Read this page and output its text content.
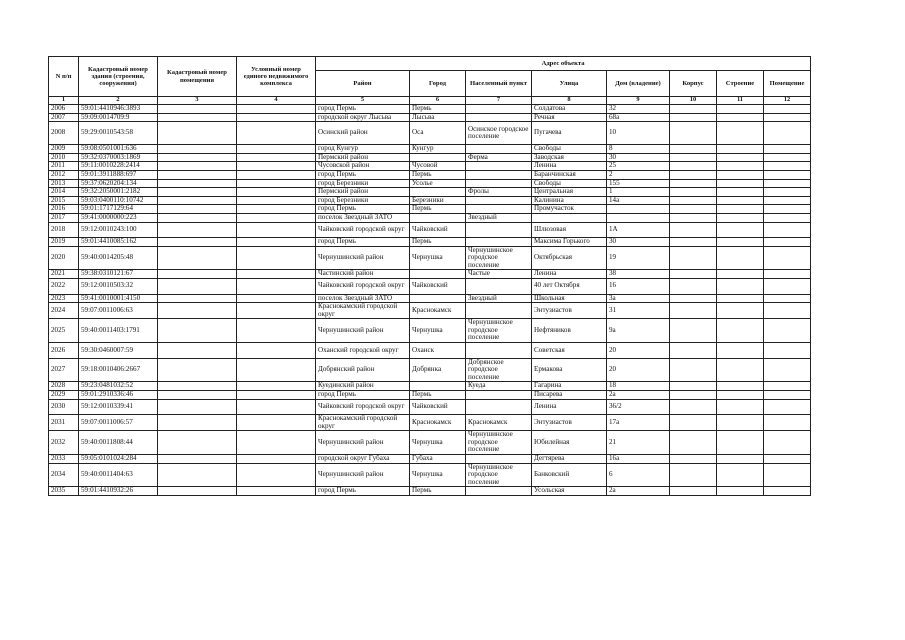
N п/п	Кадастровый номер здания (строения, сооружения)	Кадастровый номер помещения	Условный номер единого недвижимого комплекса	Адрес объекта							
				Район	Город	Населенный пункт	Улица	Дом (владение)	Корпус	Строение	Помещение
1	2	3	4	5	6	7	8	9	10	11	12
2006	59:01:4410946:3893			город Пермь	Пермь		Солдатова	32			
2007	59:09:0014709:9			городской округ Лысьва	Лысьва		Речная	68а			
2008	59:29:0010543:58			Осинский район	Оса	Осинское городское поселение	Пугачева	10			
2009	59:08:0501001:636			город Кунгур	Кунгур		Свободы	8			
2010	59:32:0370003:1869			Пермский район		Ферма	Заводская	30			
2011	59:11:0010228:2414			Чусовской район	Чусовой		Ленина	25			
2012	59:01:3911888:697			город Пермь	Пермь		Баранчинская	2			
2013	59:37:0620204:134			город Березники	Усолье		Свободы	155			
2014	59:32:2050001:2182			Пермский район		Фролы	Центральная	1			
2015	59:03:0400110:10742			город Березники	Березники		Калинина	14а			
2016	59:01:1717129:64			город Пермь	Пермь		Промучасток				
2017	59:41:0000000:223			поселок Звездный ЗАТО		Звездный					
2018	59:12:0010243:100			Чайковский городской округ	Чайковский		Шлюзовая	1А			
2019	59:01:4410085:162			город Пермь	Пермь		Максима Горького	30			
2020	59:40:0014205:48			Чернушинский район	Чернушка	Чернушинское городское поселение	Октябрьская	19			
2021	59:38:0310121:67			Частинский район		Частые	Ленина	38			
2022	59:12:0010503:32			Чайковский городской округ	Чайковский		40 лет Октября	16			
2023	59:41:0010001:4150			поселок Звездный ЗАТО		Звездный	Школьная	3а			
2024	59:07:0011006:63			Краснокамский городской округ	Краснокамск		Энтузиастов	31			
2025	59:40:0011403:1791			Чернушинский район	Чернушка	Чернушинское городское поселение	Нефтяников	9а			
2026	59:30:0460007:59			Оханский городской округ	Оханск		Советская	20			
2027	59:18:0010406:2667			Добрянский район	Добрянка	Добрянское городское поселение	Ермакова	20			
2028	59:23:0481032:52			Куединский район		Куеда	Гагарина	18			
2029	59:01:2910336:46			город Пермь	Пермь		Писарева	2а			
2030	59:12:0010339:41			Чайковский городской округ	Чайковский		Ленина	36/2			
2031	59:07:0011006:57			Краснокамский городской округ	Краснокамск	Краснокамск	Энтузиастов	17а			
2032	59:40:0011808:44			Чернушинский район	Чернушка	Чернушинское городское поселение	Юбилейная	21			
2033	59:05:0101024:284			городской округ Губаха	Губаха		Дегтярева	16а			
2034	59:40:0011404:63			Чернушинский район	Чернушка	Чернушинское городское поселение	Банковский	6			
2035	59:01:4410932:26			город Пермь	Пермь		Усольская	2а			
